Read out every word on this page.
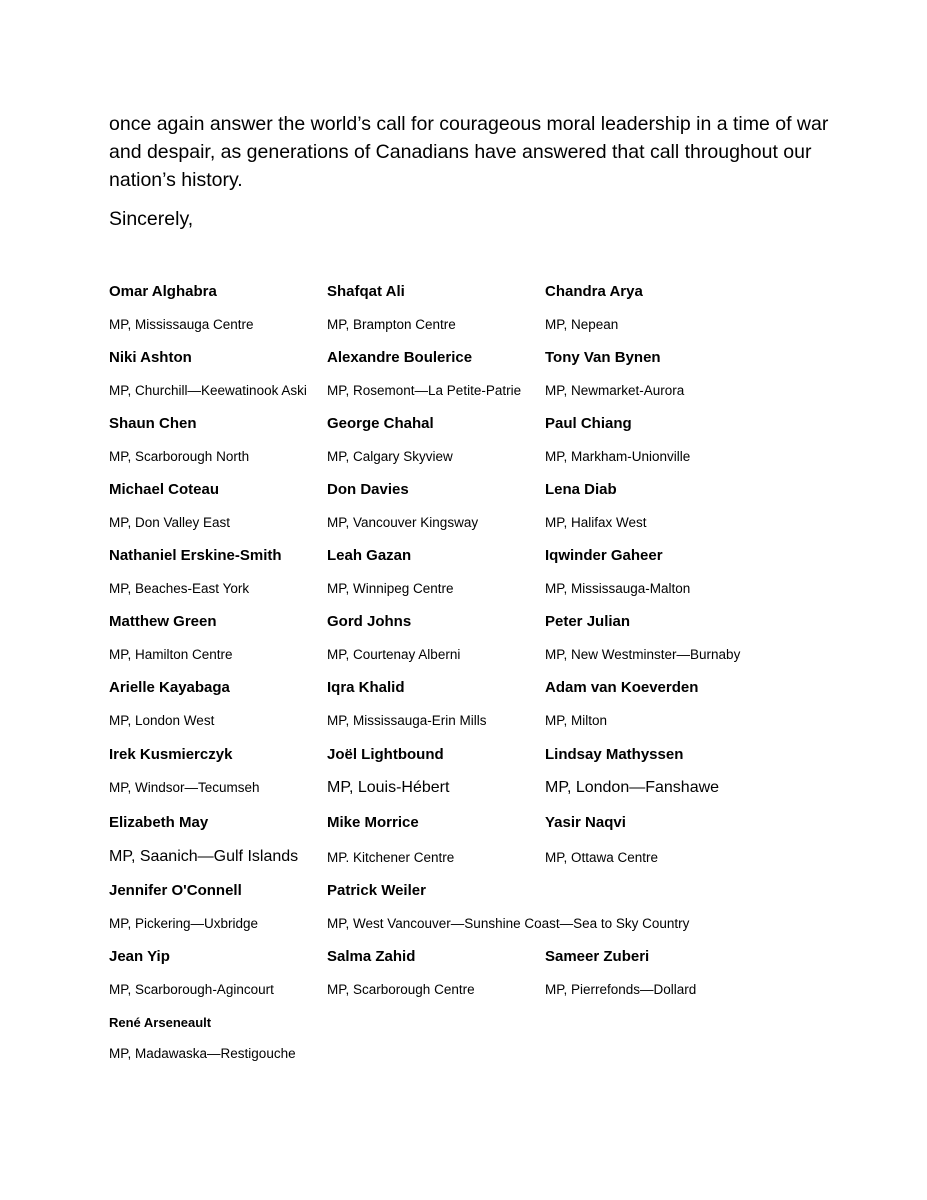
once again answer the world’s call for courageous moral leadership in a time of war and despair, as generations of Canadians have answered that call throughout our nation’s history.

Sincerely,

Omar Alghabra
MP, Mississauga Centre
Shafqat Ali
MP, Brampton Centre
Chandra Arya
MP, Nepean
Niki Ashton
MP, Churchill—Keewatinook Aski
Alexandre Boulerice
MP, Rosemont—La Petite-Patrie
Tony Van Bynen
MP, Newmarket-Aurora
Shaun Chen
MP, Scarborough North
George Chahal
MP, Calgary Skyview
Paul Chiang
MP, Markham-Unionville
Michael Coteau
MP, Don Valley East
Don Davies
MP, Vancouver Kingsway
Lena Diab
MP, Halifax West
Nathaniel Erskine-Smith
MP, Beaches-East York
Leah Gazan
MP, Winnipeg Centre
Iqwinder Gaheer
MP, Mississauga-Malton
Matthew Green
MP, Hamilton Centre
Gord Johns
MP, Courtenay Alberni
Peter Julian
MP, New Westminster—Burnaby
Arielle Kayabaga
MP, London West
Iqra Khalid
MP, Mississauga-Erin Mills
Adam van Koeverden
MP, Milton
Irek Kusmierczyk
MP, Windsor—Tecumseh
Joël Lightbound
MP, Louis-Hébert
Lindsay Mathyssen
MP, London—Fanshawe
Elizabeth May
MP, Saanich—Gulf Islands
Mike Morrice
MP. Kitchener Centre
Yasir Naqvi
MP, Ottawa Centre
Jennifer O'Connell
MP, Pickering—Uxbridge
Patrick Weiler
MP, West Vancouver—Sunshine Coast—Sea to Sky Country
Jean Yip
MP, Scarborough-Agincourt
Salma Zahid
MP, Scarborough Centre
Sameer Zuberi
MP, Pierrefonds—Dollard
René Arseneault
MP, Madawaska—Restigouche
